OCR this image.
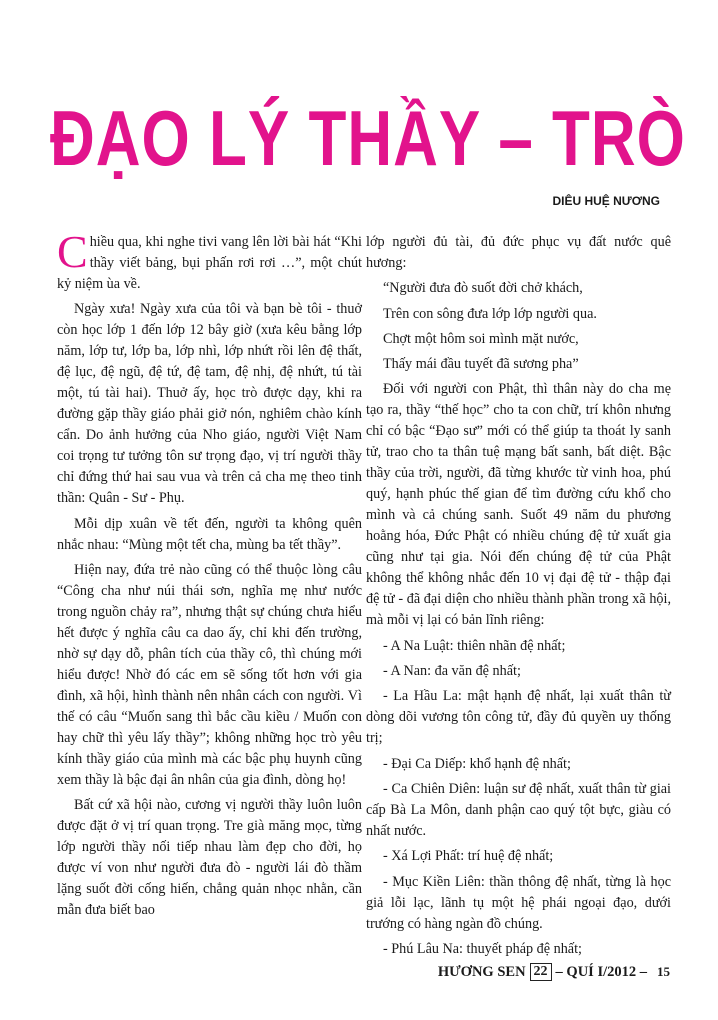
ĐẠO LÝ THẦY – TRÒ
DIÊU HUỆ NƯƠNG

Chiều qua, khi nghe tivi vang lên lời bài hát “Khi thầy viết bảng, bụi phấn rơi rơi …”, một chút kỷ niệm ùa về.

Ngày xưa! Ngày xưa của tôi và bạn bè tôi - thuở còn học lớp 1 đến lớp 12 bây giờ (xưa kêu bằng lớp năm, lớp tư, lớp ba, lớp nhì, lớp nhứt rồi lên đệ thất, đệ lục, đệ ngũ, đệ tứ, đệ tam, đệ nhị, đệ nhứt, tú tài một, tú tài hai). Thuở ấy, học trò được dạy, khi ra đường gặp thầy giáo phải giở nón, nghiêm chào kính cẩn. Do ảnh hưởng của Nho giáo, người Việt Nam coi trọng tư tưởng tôn sư trọng đạo, vị trí người thầy chỉ đứng thứ hai sau vua và trên cả cha mẹ theo tinh thần: Quân - Sư - Phụ.

Mỗi dịp xuân về tết đến, người ta không quên nhắc nhau: “Mùng một tết cha, mùng ba tết thầy”.

Hiện nay, đứa trẻ nào cũng có thể thuộc lòng câu “Công cha như núi thái sơn, nghĩa mẹ như nước trong nguồn chảy ra”, nhưng thật sự chúng chưa hiểu hết được ý nghĩa câu ca dao ấy, chỉ khi đến trường, nhờ sự dạy dỗ, phân tích của thầy cô, thì chúng mới hiểu được! Nhờ đó các em sẽ sống tốt hơn với gia đình, xã hội, hình thành nên nhân cách con người. Vì thế có câu “Muốn sang thì bắc cầu kiều / Muốn con hay chữ thì yêu lấy thầy”; không những học trò yêu kính thầy giáo của mình mà các bậc phụ huynh cũng xem thầy là bậc đại ân nhân của gia đình, dòng họ!

Bất cứ xã hội nào, cương vị người thầy luôn luôn được đặt ở vị trí quan trọng. Tre già măng mọc, từng lớp người thầy nối tiếp nhau làm đẹp cho đời, họ được ví von như người đưa đò - người lái đò thầm lặng suốt đời cống hiến, chẳng quản nhọc nhằn, cần mẫn đưa biết bao

lớp người đủ tài, đủ đức phục vụ đất nước quê hương:

“Người đưa đò suốt đời chở khách,

Trên con sông đưa lớp lớp người qua.

Chợt một hôm soi mình mặt nước,

Thấy mái đầu tuyết đã sương pha”

Đối với người con Phật, thì thân này do cha mẹ tạo ra, thầy “thế học” cho ta con chữ, trí khôn nhưng chỉ có bậc “Đạo sư” mới có thể giúp ta thoát ly sanh tử, trao cho ta thân tuệ mạng bất sanh, bất diệt. Bậc thầy của trời, người, đã từng khước từ vinh hoa, phú quý, hạnh phúc thế gian để tìm đường cứu khổ cho mình và cả chúng sanh. Suốt 49 năm du phương hoằng hóa, Đức Phật có nhiều chúng đệ tử xuất gia cũng như tại gia. Nói đến chúng đệ tử của Phật không thể không nhắc đến 10 vị đại đệ tử - thập đại đệ tử - đã đại diện cho nhiều thành phần trong xã hội, mà mỗi vị lại có bản lĩnh riêng:

- A Na Luật: thiên nhãn đệ nhất;

- A Nan: đa văn đệ nhất;

- La Hầu La: mật hạnh đệ nhất, lại xuất thân từ dòng dõi vương tôn công tử, đầy đủ quyền uy thống trị;

- Đại Ca Diếp: khổ hạnh đệ nhất;

- Ca Chiên Diên: luận sư đệ nhất, xuất thân từ giai cấp Bà La Môn, danh phận cao quý tột bực, giàu có nhất nước.

- Xá Lợi Phất: trí huệ đệ nhất;

- Mục Kiền Liên: thần thông đệ nhất, từng là học giả lỗi lạc, lãnh tụ một hệ phái ngoại đạo, dưới trướng có hàng ngàn đồ chúng.

- Phú Lâu Na: thuyết pháp đệ nhất;

HƯƠNG SEN 22 – QUÍ I/2012 – 15
